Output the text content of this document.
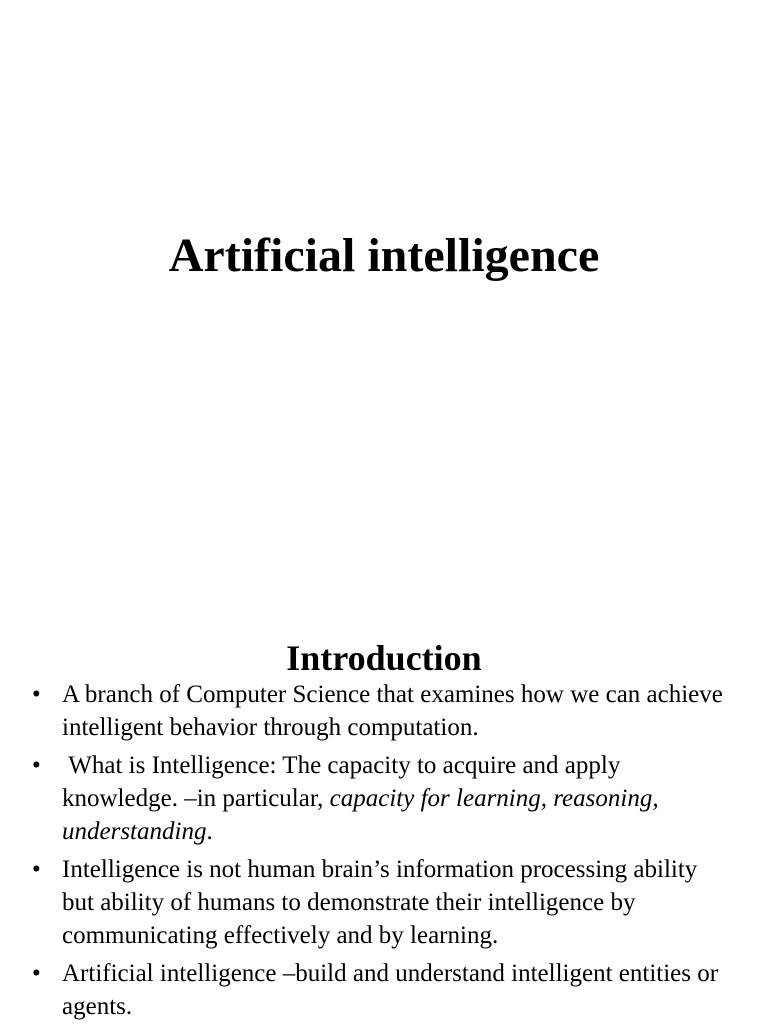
Artificial intelligence
Introduction
• A branch of Computer Science that examines how we can achieve intelligent behavior through computation.
• What is Intelligence: The capacity to acquire and apply knowledge. –in particular, capacity for learning, reasoning, understanding.
• Intelligence is not human brain’s information processing ability but ability of humans to demonstrate their intelligence by communicating effectively and by learning.
• Artificial intelligence –build and understand intelligent entities or agents.
